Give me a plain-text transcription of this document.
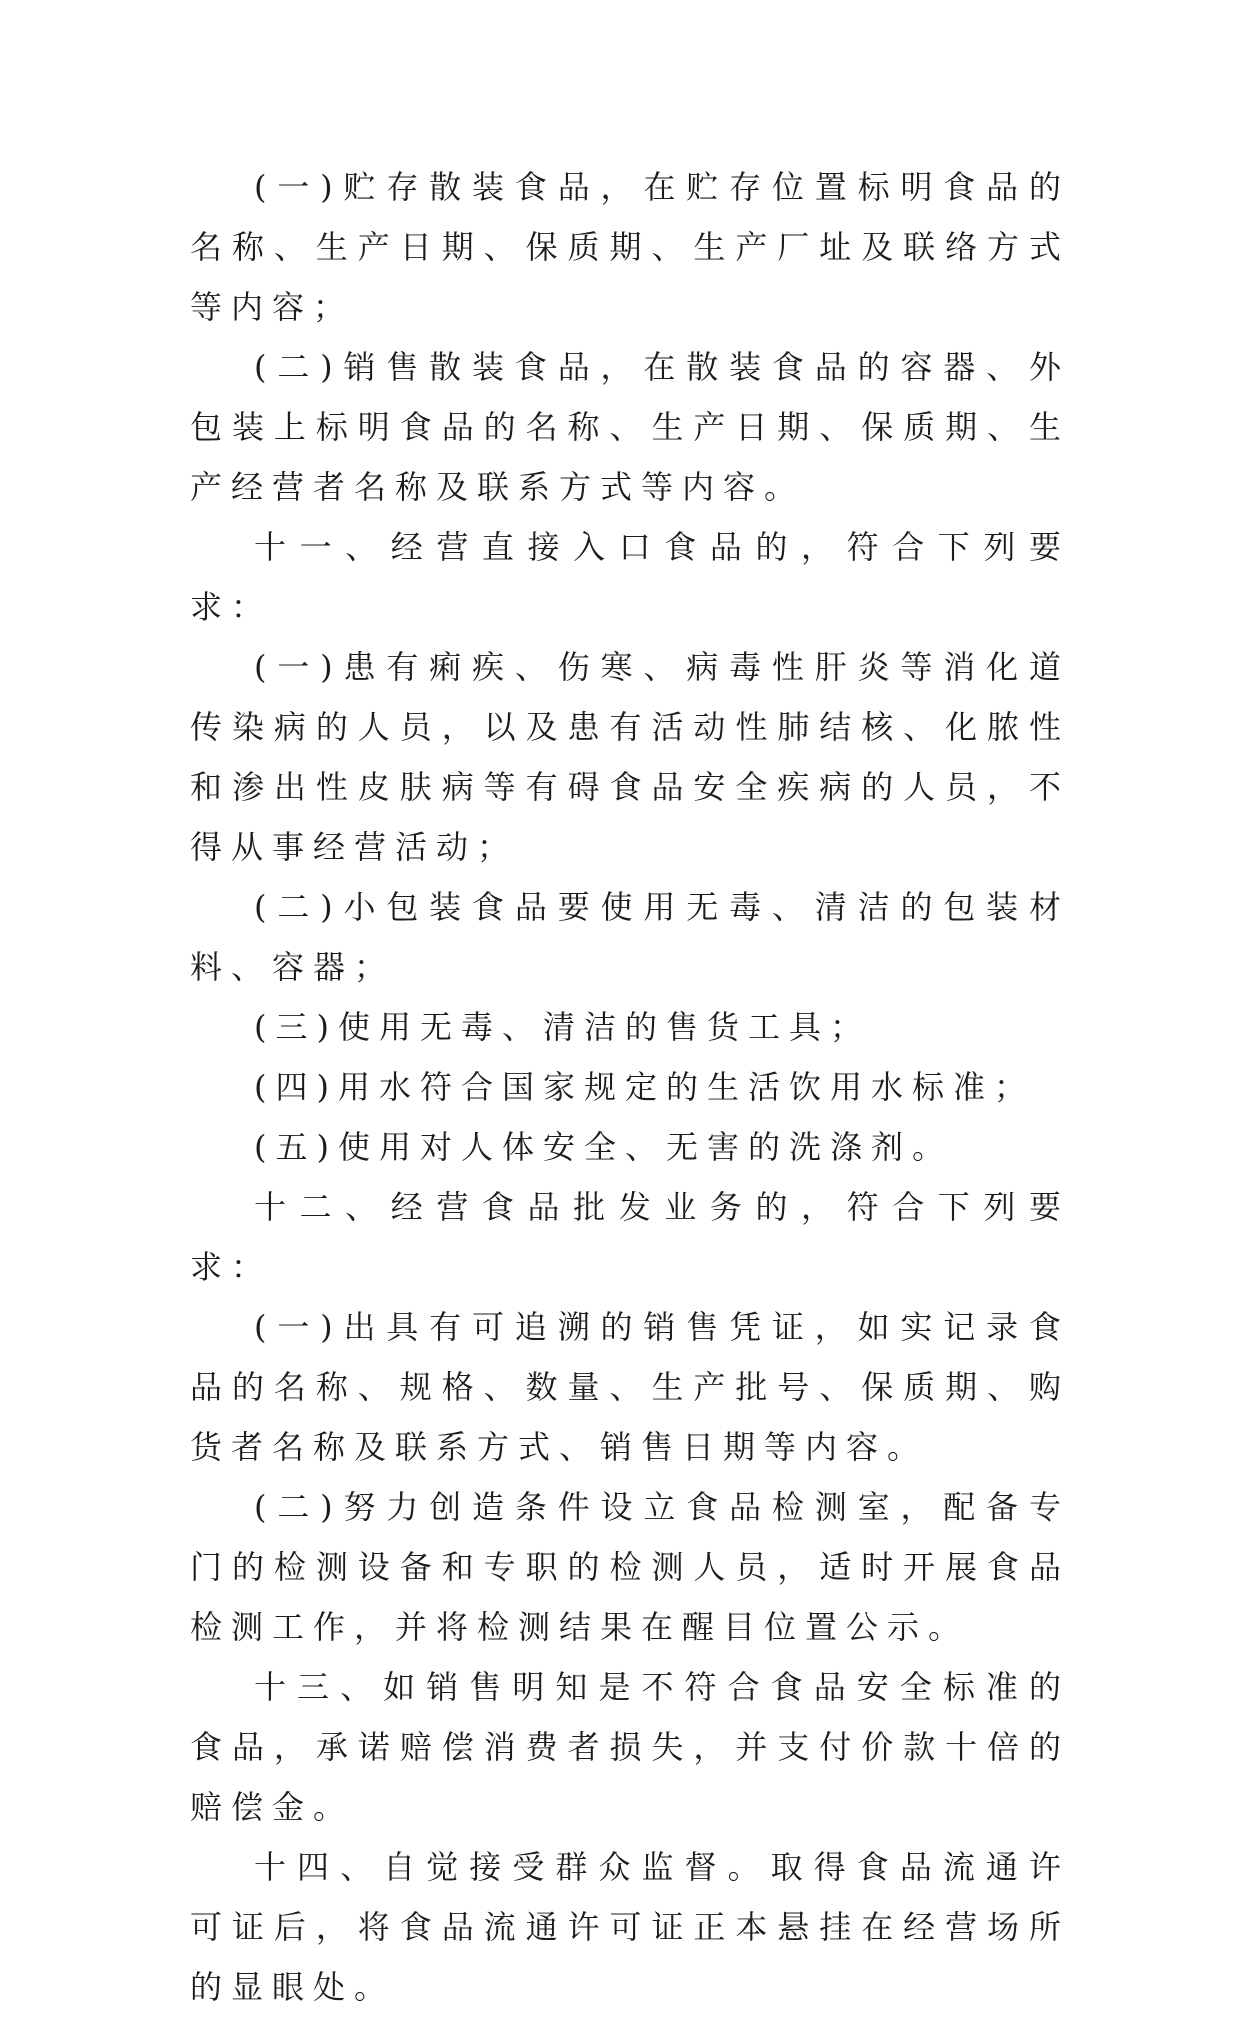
(一)贮存散装食品，在贮存位置标明食品的名称、生产日期、保质期、生产厂址及联络方式等内容；

(二)销售散装食品，在散装食品的容器、外包装上标明食品的名称、生产日期、保质期、生产经营者名称及联系方式等内容。

十一、经营直接入口食品的，符合下列要求：

(一)患有痢疾、伤寒、病毒性肝炎等消化道传染病的人员，以及患有活动性肺结核、化脓性和渗出性皮肤病等有碍食品安全疾病的人员，不得从事经营活动；

(二)小包装食品要使用无毒、清洁的包装材料、容器；

(三)使用无毒、清洁的售货工具；

(四)用水符合国家规定的生活饮用水标准；

(五)使用对人体安全、无害的洗涤剂。

十二、经营食品批发业务的，符合下列要求：

(一)出具有可追溯的销售凭证，如实记录食品的名称、规格、数量、生产批号、保质期、购货者名称及联系方式、销售日期等内容。

(二)努力创造条件设立食品检测室，配备专门的检测设备和专职的检测人员，适时开展食品检测工作，并将检测结果在醒目位置公示。

十三、如销售明知是不符合食品安全标准的食品，承诺赔偿消费者损失，并支付价款十倍的赔偿金。

十四、自觉接受群众监督。取得食品流通许可证后，将食品流通许可证正本悬挂在经营场所的显眼处。
